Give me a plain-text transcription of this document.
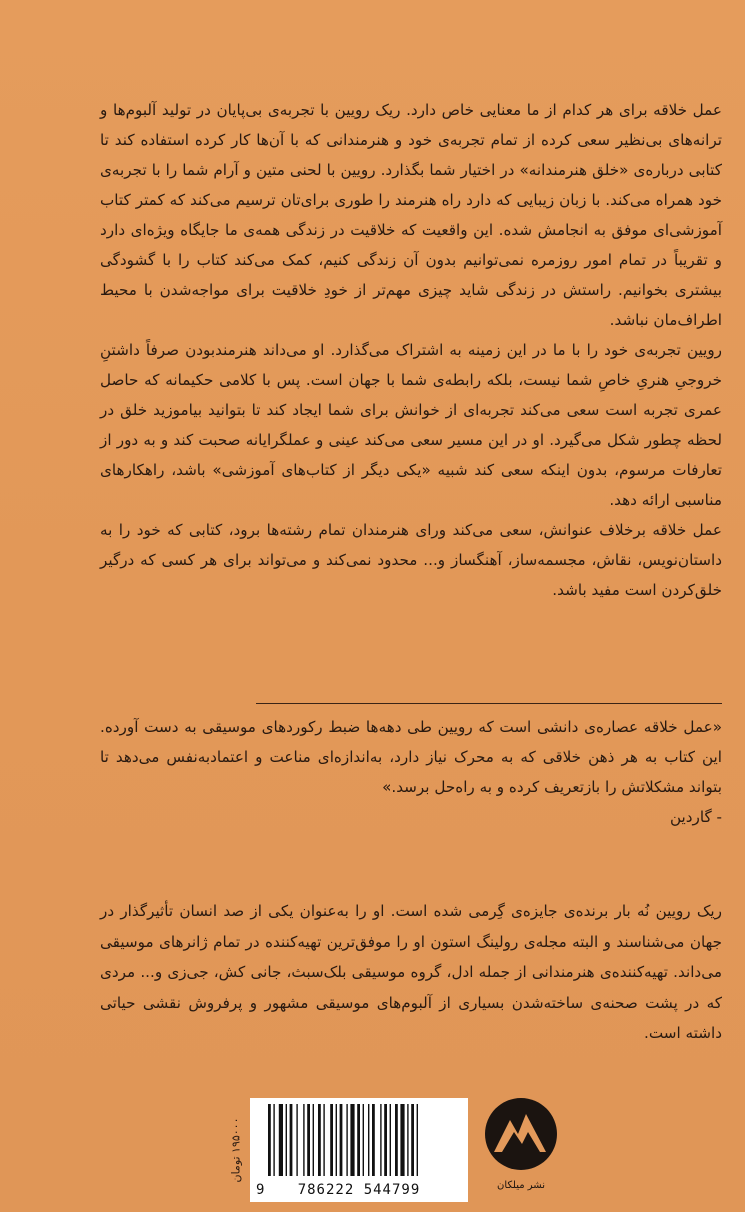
عمل خلاقه برای هر کدام از ما معنایی خاص دارد. ریک رویین با تجربه‌ی بی‌پایان در تولید آلبوم‌ها و ترانه‌های بی‌نظیر سعی کرده از تمام تجربه‌ی خود و هنرمندانی که با آن‌ها کار کرده استفاده کند تا کتابی درباره‌ی «خلق هنرمندانه» در اختیار شما بگذارد. رویین با لحنی متین و آرام شما را با تجربه‌ی خود همراه می‌کند. با زبان زیبایی که دارد راه هنرمند را طوری برای‌تان ترسیم می‌کند که کمتر کتاب آموزشی‌ای موفق به انجامش شده. این واقعیت که خلاقیت در زندگی همه‌ی ما جایگاه ویژه‌ای دارد و تقریباً در تمام امور روزمره نمی‌توانیم بدون آن زندگی کنیم، کمک می‌کند کتاب را با گشودگی بیشتری بخوانیم. راستش در زندگی شاید چیزی مهم‌تر از خودِ خلاقیت برای مواجه‌شدن با محیط اطراف‌مان نباشد.

رویین تجربه‌ی خود را با ما در این زمینه به اشتراک می‌گذارد. او می‌داند هنرمندبودن صرفاً داشتنِ خروجیِ هنریِ خاصِ شما نیست، بلکه رابطه‌ی شما با جهان است. پس با کلامی حکیمانه که حاصل عمری تجربه است سعی می‌کند تجربه‌ای از خوانش برای شما ایجاد کند تا بتوانید بیاموزید خلق در لحظه چطور شکل می‌گیرد. او در این مسیر سعی می‌کند عینی و عملگرایانه صحبت کند و به دور از تعارفات مرسوم، بدون اینکه سعی کند شبیه «یکی دیگر از کتاب‌های آموزشی» باشد، راهکارهای مناسبی ارائه دهد.

عمل خلاقه برخلاف عنوانش، سعی می‌کند ورای هنرمندان تمام رشته‌ها برود، کتابی که خود را به داستان‌نویس، نقاش، مجسمه‌ساز، آهنگساز و... محدود نمی‌کند و می‌تواند برای هر کسی که درگیر خلق‌کردن است مفید باشد.

«عمل خلاقه عصاره‌ی دانشی است که رویین طی دهه‌ها ضبط رکوردهای موسیقی به دست آورده. این کتاب به هر ذهن خلاقی که به محرک نیاز دارد، به‌اندازه‌ای مناعت و اعتمادبه‌نفس می‌دهد تا بتواند مشکلاتش را بازتعریف کرده و به راه‌حل برسد.»

- گاردین

ریک رویین نُه بار برنده‌ی جایزه‌ی گِرمی شده است. او را به‌عنوان یکی از صد انسان تأثیرگذار در جهان می‌شناسند و البته مجله‌ی رولینگ استون او را موفق‌ترین تهیه‌کننده در تمام ژانرهای موسیقی می‌داند. تهیه‌کننده‌ی هنرمندانی از جمله ادل، گروه موسیقی بلک‌سبث، جانی کش، جی‌زی و... مردی که در پشت صحنه‌ی ساخته‌شدن بسیاری از آلبوم‌های موسیقی مشهور و پرفروش نقشی حیاتی داشته است.

۱۹۵۰۰۰ تومان
9 786222 544799	نشر میلکان
